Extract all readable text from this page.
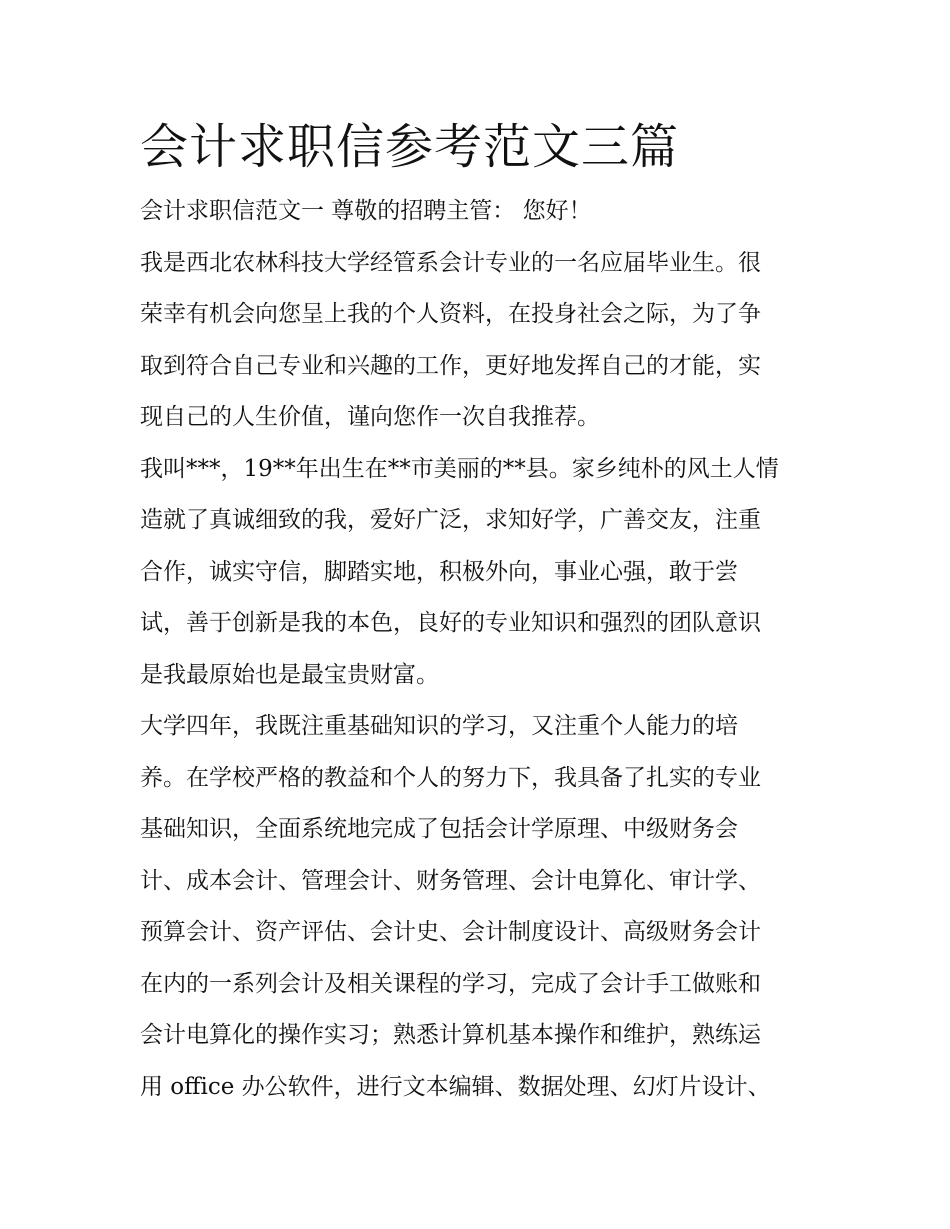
会计求职信参考范文三篇

会计求职信范文一 尊敬的招聘主管： 您好！

我是西北农林科技大学经管系会计专业的一名应届毕业生。很

荣幸有机会向您呈上我的个人资料，在投身社会之际，为了争

取到符合自己专业和兴趣的工作，更好地发挥自己的才能，实

现自己的人生价值，谨向您作一次自我推荐。

我叫***，19**年出生在**市美丽的**县。家乡纯朴的风土人情

造就了真诚细致的我，爱好广泛，求知好学，广善交友，注重

合作，诚实守信，脚踏实地，积极外向，事业心强，敢于尝

试，善于创新是我的本色，良好的专业知识和强烈的团队意识

是我最原始也是最宝贵财富。

大学四年，我既注重基础知识的学习，又注重个人能力的培

养。在学校严格的教益和个人的努力下，我具备了扎实的专业

基础知识，全面系统地完成了包括会计学原理、中级财务会

计、成本会计、管理会计、财务管理、会计电算化、审计学、

预算会计、资产评估、会计史、会计制度设计、高级财务会计

在内的一系列会计及相关课程的学习，完成了会计手工做账和

会计电算化的操作实习；熟悉计算机基本操作和维护，熟练运

用 office 办公软件，进行文本编辑、数据处理、幻灯片设计、
